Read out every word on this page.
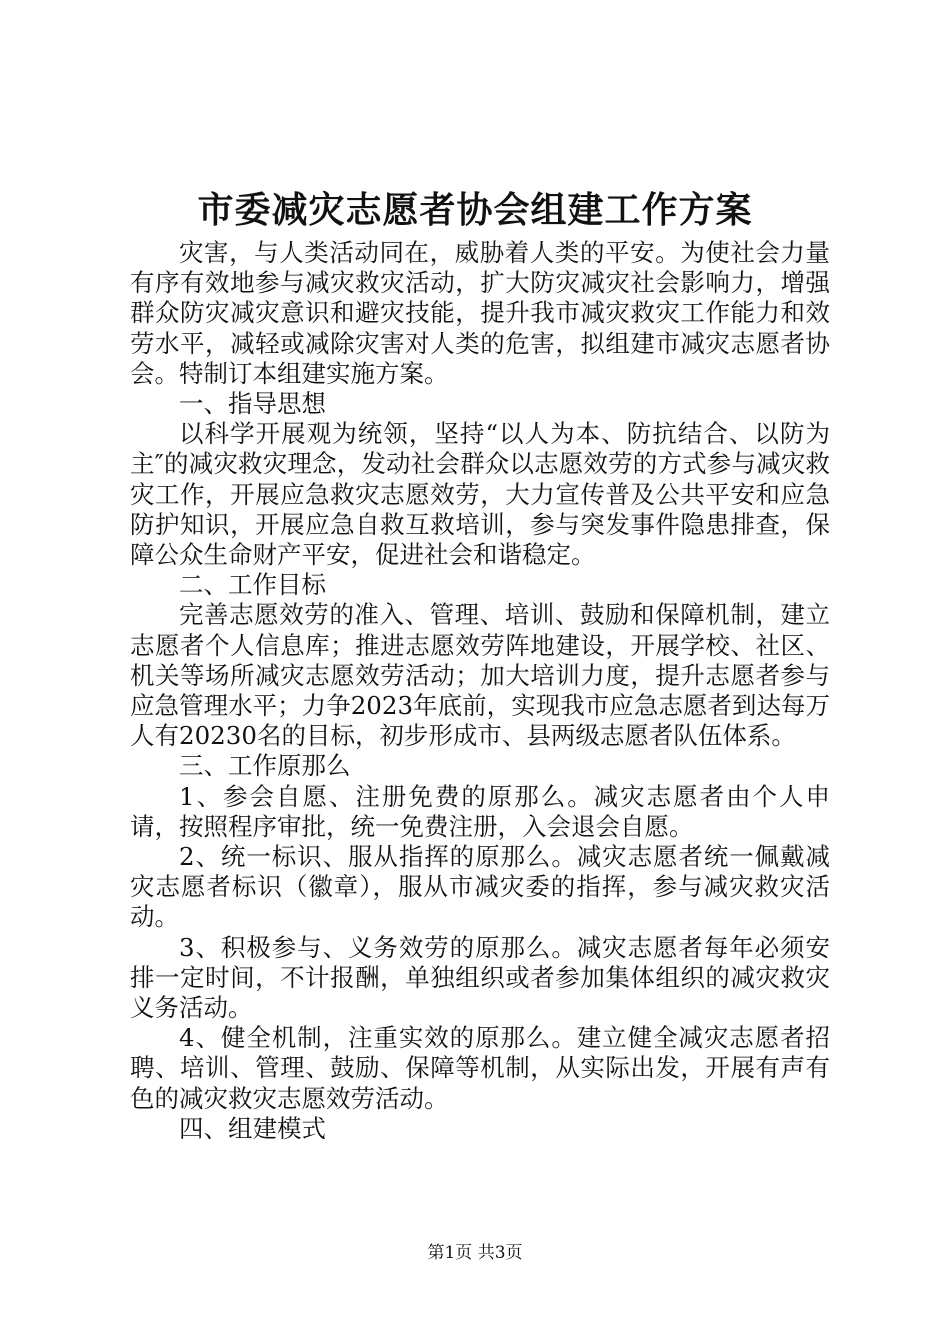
市委减灾志愿者协会组建工作方案

灾害，与人类活动同在，威胁着人类的平安。为使社会力量有序有效地参与减灾救灾活动，扩大防灾减灾社会影响力，增强群众防灾减灾意识和避灾技能，提升我市减灾救灾工作能力和效劳水平，减轻或减除灾害对人类的危害，拟组建市减灾志愿者协会。特制订本组建实施方案。

一、指导思想

以科学开展观为统领，坚持“以人为本、防抗结合、以防为主″的减灾救灾理念，发动社会群众以志愿效劳的方式参与减灾救灾工作，开展应急救灾志愿效劳，大力宣传普及公共平安和应急防护知识，开展应急自救互救培训，参与突发事件隐患排查，保障公众生命财产平安，促进社会和谐稳定。

二、工作目标

完善志愿效劳的准入、管理、培训、鼓励和保障机制，建立志愿者个人信息库；推进志愿效劳阵地建设，开展学校、社区、机关等场所减灾志愿效劳活动；加大培训力度，提升志愿者参与应急管理水平；力争2023年底前，实现我市应急志愿者到达每万人有20230名的目标，初步形成市、县两级志愿者队伍体系。

三、工作原那么

1、参会自愿、注册免费的原那么。减灾志愿者由个人申请，按照程序审批，统一免费注册，入会退会自愿。

2、统一标识、服从指挥的原那么。减灾志愿者统一佩戴减灾志愿者标识（徽章），服从市减灾委的指挥，参与减灾救灾活动。

3、积极参与、义务效劳的原那么。减灾志愿者每年必须安排一定时间，不计报酬，单独组织或者参加集体组织的减灾救灾义务活动。

4、健全机制，注重实效的原那么。建立健全减灾志愿者招聘、培训、管理、鼓励、保障等机制，从实际出发，开展有声有色的减灾救灾志愿效劳活动。

四、组建模式

第1页 共3页
